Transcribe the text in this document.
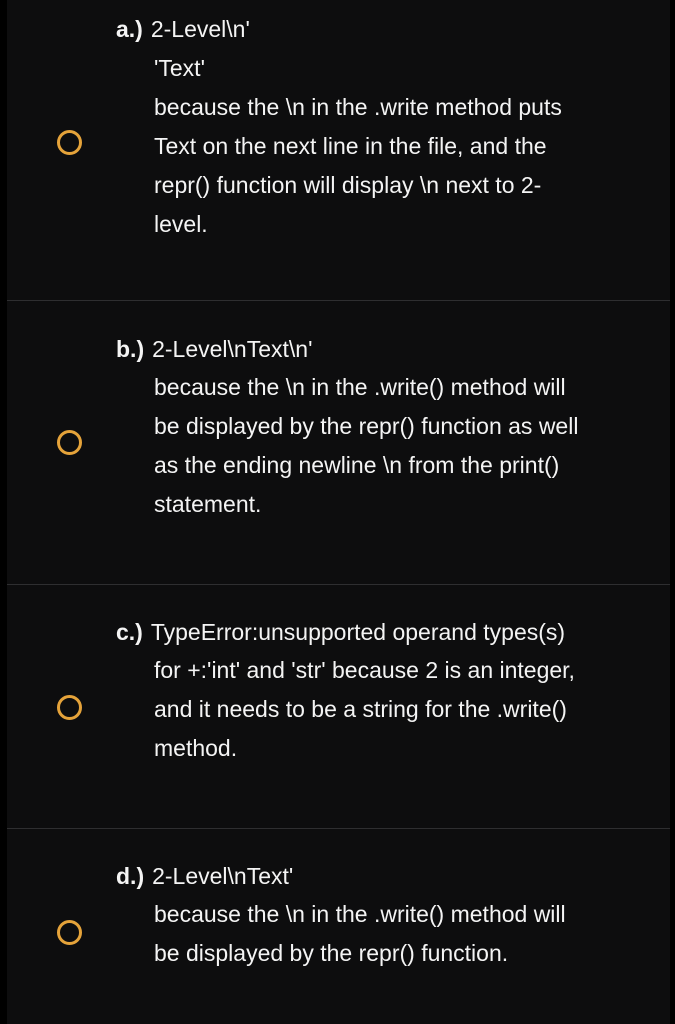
a.) 2-Level\n'
'Text'
because the \n in the .write method puts
Text on the next line in the file, and the
repr() function will display \n next to 2-
level.
b.) 2-Level\nText\n'
because the \n in the .write() method will
be displayed by the repr() function as well
as the ending newline \n from the print()
statement.
c.) TypeError:unsupported operand types(s)
for +:'int' and 'str' because 2 is an integer,
and it needs to be a string for the .write()
method.
d.) 2-Level\nText'
because the \n in the .write() method will
be displayed by the repr() function.
